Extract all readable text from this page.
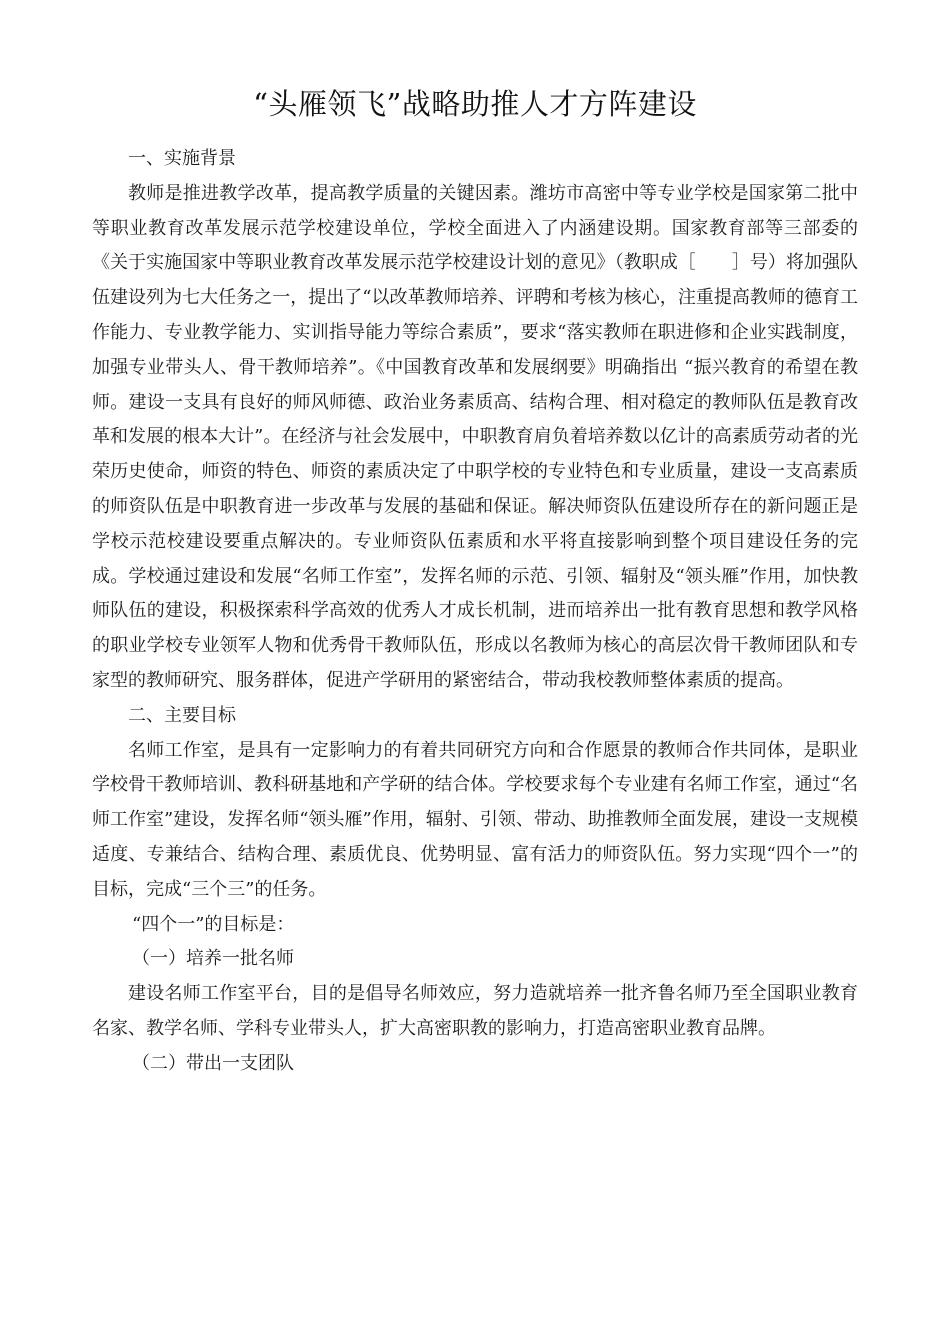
“头雁领飞”战略助推人才方阵建设

一、实施背景

教师是推进教学改革，提高教学质量的关键因素。潍坊市高密中等专业学校是国家第二批中等职业教育改革发展示范学校建设单位，学校全面进入了内涵建设期。国家教育部等三部委的《关于实施国家中等职业教育改革发展示范学校建设计划的意见》（教职成［　　］号）将加强队伍建设列为七大任务之一，提出了“以改革教师培养、评聘和考核为核心，注重提高教师的德育工作能力、专业教学能力、实训指导能力等综合素质”，要求“落实教师在职进修和企业实践制度，加强专业带头人、骨干教师培养”。《中国教育改革和发展纲要》明确指出 “振兴教育的希望在教师。建设一支具有良好的师风师德、政治业务素质高、结构合理、相对稳定的教师队伍是教育改革和发展的根本大计”。在经济与社会发展中，中职教育肩负着培养数以亿计的高素质劳动者的光荣历史使命，师资的特色、师资的素质决定了中职学校的专业特色和专业质量，建设一支高素质的师资队伍是中职教育进一步改革与发展的基础和保证。解决师资队伍建设所存在的新问题正是学校示范校建设要重点解决的。专业师资队伍素质和水平将直接影响到整个项目建设任务的完成。学校通过建设和发展“名师工作室”，发挥名师的示范、引领、辐射及“领头雁”作用，加快教师队伍的建设，积极探索科学高效的优秀人才成长机制，进而培养出一批有教育思想和教学风格的职业学校专业领军人物和优秀骨干教师队伍，形成以名教师为核心的高层次骨干教师团队和专家型的教师研究、服务群体，促进产学研用的紧密结合，带动我校教师整体素质的提高。

二、主要目标

名师工作室，是具有一定影响力的有着共同研究方向和合作愿景的教师合作共同体，是职业学校骨干教师培训、教科研基地和产学研的结合体。学校要求每个专业建有名师工作室，通过“名师工作室”建设，发挥名师“领头雁”作用，辐射、引领、带动、助推教师全面发展，建设一支规模适度、专兼结合、结构合理、素质优良、优势明显、富有活力的师资队伍。努力实现“四个一”的目标，完成“三个三”的任务。

“四个一”的目标是：

（一）培养一批名师

建设名师工作室平台，目的是倡导名师效应，努力造就培养一批齐鲁名师乃至全国职业教育名家、教学名师、学科专业带头人，扩大高密职教的影响力，打造高密职业教育品牌。

（二）带出一支团队
